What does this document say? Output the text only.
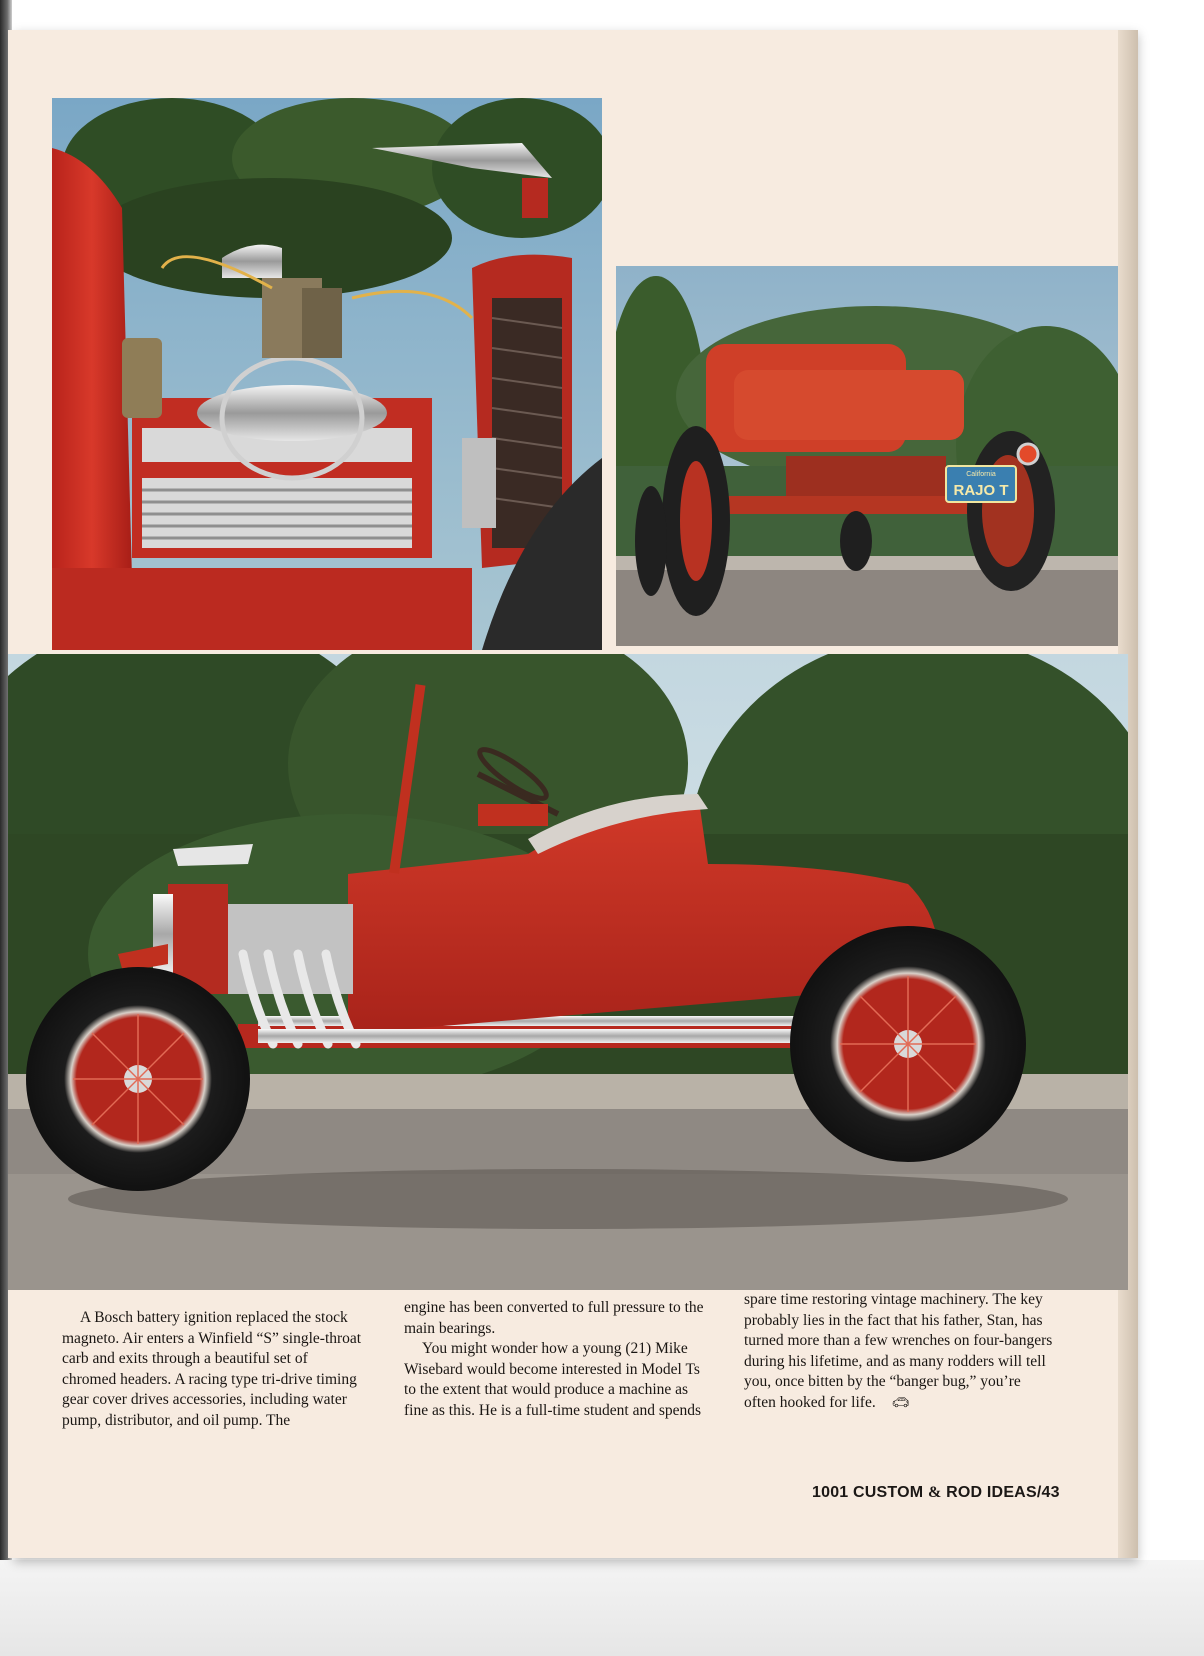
California
RAJO T

A Bosch battery ignition replaced the stock magneto. Air enters a Winfield “S” single-throat carb and exits through a beautiful set of chromed headers. A racing type tri-drive timing gear cover drives accessories, including water pump, distributor, and oil pump. The

engine has been converted to full pressure to the main bearings.

You might wonder how a young (21) Mike Wisebard would become interested in Model Ts to the extent that would produce a machine as fine as this. He is a full-time student and spends

spare time restoring vintage machinery. The key probably lies in the fact that his father, Stan, has turned more than a few wrenches on four-bangers during his lifetime, and as many rodders will tell you, once bitten by the “banger bug,” you’re often hooked for life. 🚗︎

1001 CUSTOM & ROD IDEAS/43
